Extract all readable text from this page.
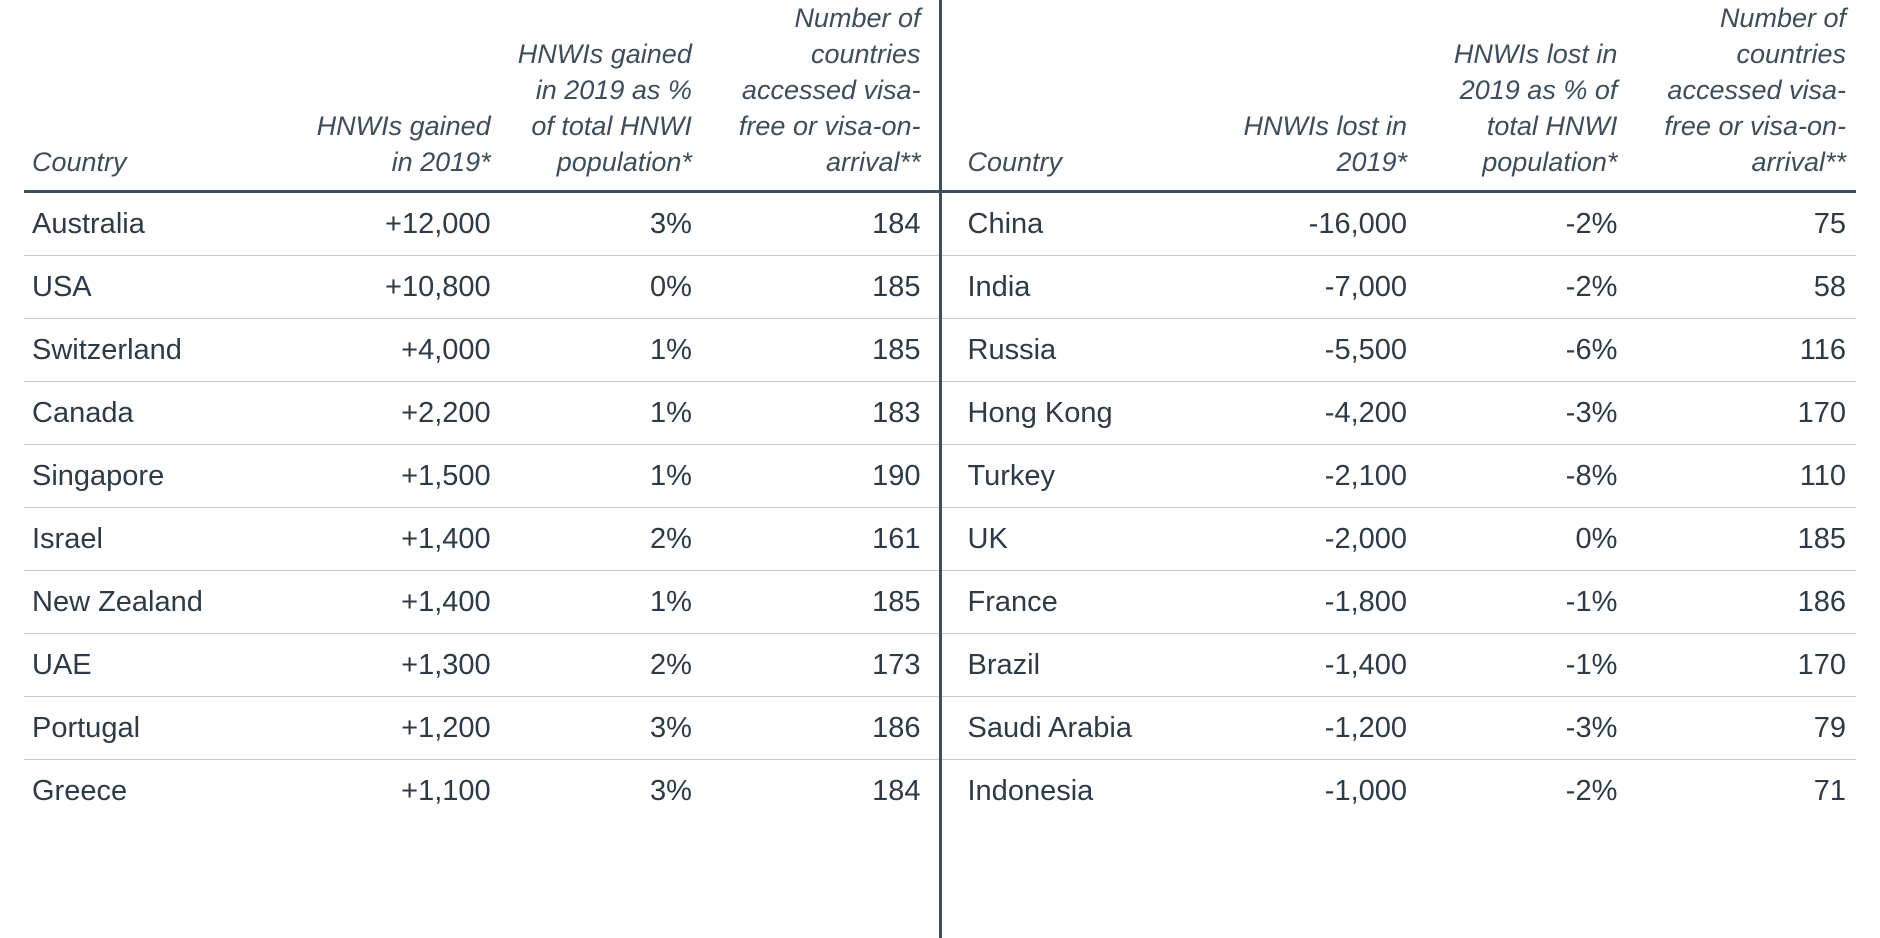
Country	HNWIs gained in 2019*	HNWIs gained in 2019 as % of total HNWI population*	Number of countries accessed visa-free or visa-on-arrival**
Australia	+12,000	3%	184
USA	+10,800	0%	185
Switzerland	+4,000	1%	185
Canada	+2,200	1%	183
Singapore	+1,500	1%	190
Israel	+1,400	2%	161
New Zealand	+1,400	1%	185
UAE	+1,300	2%	173
Portugal	+1,200	3%	186
Greece	+1,100	3%	184
Country	HNWIs lost in 2019*	HNWIs lost in 2019 as % of total HNWI population*	Number of countries accessed visa-free or visa-on-arrival**
China	-16,000	-2%	75
India	-7,000	-2%	58
Russia	-5,500	-6%	116
Hong Kong	-4,200	-3%	170
Turkey	-2,100	-8%	110
UK	-2,000	0%	185
France	-1,800	-1%	186
Brazil	-1,400	-1%	170
Saudi Arabia	-1,200	-3%	79
Indonesia	-1,000	-2%	71
